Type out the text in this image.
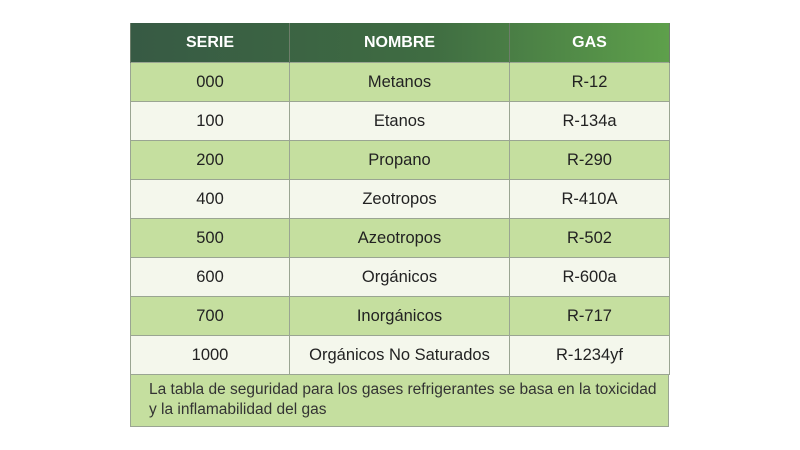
SERIE	NOMBRE	GAS
000	Metanos	R-12
100	Etanos	R-134a
200	Propano	R-290
400	Zeotropos	R-410A
500	Azeotropos	R-502
600	Orgánicos	R-600a
700	Inorgánicos	R-717
1000	Orgánicos No Saturados	R-1234yf
La tabla de seguridad para los gases refrigerantes se basa en la toxicidad y la inflamabilidad del gas
